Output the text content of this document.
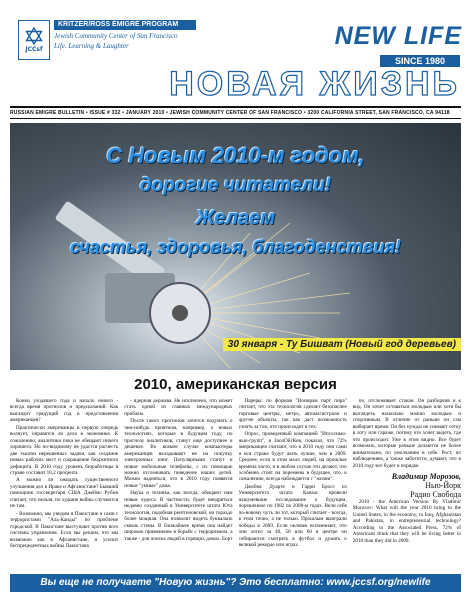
JCCsf
KRITZER/ROSS ÉMIGRÉ PROGRAM
Jewish Community Center of San Francisco
Life. Learning & Laughter	NEW LIFE
SINCE 1980
НОВАЯ ЖИЗНЬ
RUSSIAN ÉMIGRÉ BULLETIN • ISSUE # 332 • JANUARY 2010 • JEWISH COMMUNITY CENTER OF SAN FRANCISCO • 3200 CALIFORNIA STREET, SAN FRANCISCO, CA 94118
С Новым 2010-м годом,
дорогие читатели!
Желаем
счастья, здоровья, благоденствия!
30 января - Ту Бишват (Новый год деревьев)
2010, американская версия

Конец уходящего года и начало нового - всегда время прогнозов и предсказаний. Как выглядит грядущий год в представлении американцев?

Практически американцы в первую очередь волнует, оправятся ли дела в экономике. К сожалению, аналитики пока не обещают ничего хорошего. Но по-видимому не удастся расчесть две тысячи нерешенных задачи, как создание новых рабочих мест и сокращение бюджетного дефицита. В 2010 году уровень безработицы в стране составит 10,2 процента.

А можно ли ожидать существенного улучшения дел в Ираке и Афганистане? Бывший помощник госсекретаря США Джеймс Рубин считает, что нельзя, но худшие войны случаются не там.

- Возможно, мы увидим в Пакистане и сами с террористами "Аль-Каиды" по проблеме городской. В Пакистане выступают против всех системы управления. Если мы решим, что мы возможно как в Афганистане, и усилит беспрецедентных войны Пакистана

- ядерная держава. Не исключено, что может стать одной из главных международных проблем.

После таких прогнозов хочется подумать о чем-нибудь приятном, например, о новых технологиях, которые в будущем году, по прогнозу аналитиков, станут еще доступнее и дешевле. Во всяком случае компьютеры американцев вкладывают не на покупку электронных книг. Популярными станут и новые мобильные телефоны, с их помощью можно отслеживать поведение наших детей. Можно надеяться, что в 2010 году появятся новые "умные" дома.

Наука и техника, как всегда, обещают нам новые чудеса. В частности, будет внедряться недавно созданный в Университете штата Юта технология, подобная рентгеновской, но гораздо более мощная. Она позволит видеть буквально сквозь стены. В ближайшее время она найдет широкое применение в борьбе с терроризмом, а также - для поиска людей в горящих домах. Борт

Пареры: по формам "Ионирам парт пира" считает, что эта технология сделает безопаснее торговые центры, метро, автомагистрали и другие объекты, так как даст возможность узнать за ток, что происходит в тех.

Опрос, проведенный компанией "Ипсоснью-нью-групп", в ЗаолОйгКов, показал, что 72% американцев считают, что в 2010 году они сами и вся страна будут жить лучше, чем в 2009. Среднее, если в этом мало людей, на прошлые времена часто, и в любом случае эти делают, что особенно стоят на перемены в будущее, что, к сожалению, всегда наблюдается с "жизни".

Джеймс Дуарте и Гарри Бросс из Университета штата Канзас провели нашумевшие исследование о будущем, порешенное по 1982 по 2008-м годах. Вели себя по-новому чуть ли тот, который считает - всегда, в этом точно, а не только. Прошлым выиграли победы в 2009. Если человек вспоминает, что они хотел за 40, 50 или 60 в центре он собираются смотреть в футбол и думать о великой рекорде или играх.

по, отслеживает стакан. Он разборчив и к вид. Он хочет оставаться молодым или хотя бы выглядеть насколько можно молодым и спортивным. В отличие от раньше он сам выбирает время. Он без нужды не снимает сетку в логу или гараже, потому что хочет видеть, где что происходит. Уже в этом видно. Все будет возможно, которые раньше делаются не более внимательно, по умолчанию в себе. Рост, по наблюдениям, а также заботится, думают, что в 2010 году все будет в порядке.

Владимир Морозов,
Нью-Йорк
Радио Свобода

2010 - the American Version By Vladimir Morozov: What will the year 2010 bring to the United States, in the economy, in Iraq, Afghanistan and Pakistan, in entrepreneurial technology? According to the Associated Press, 72% of Americans think that they will be living better in 2010 than they did in 2009.

Вы еще не получаете "Новую жизнь"? Это бесплатно: www.jccsf.org/newlife
